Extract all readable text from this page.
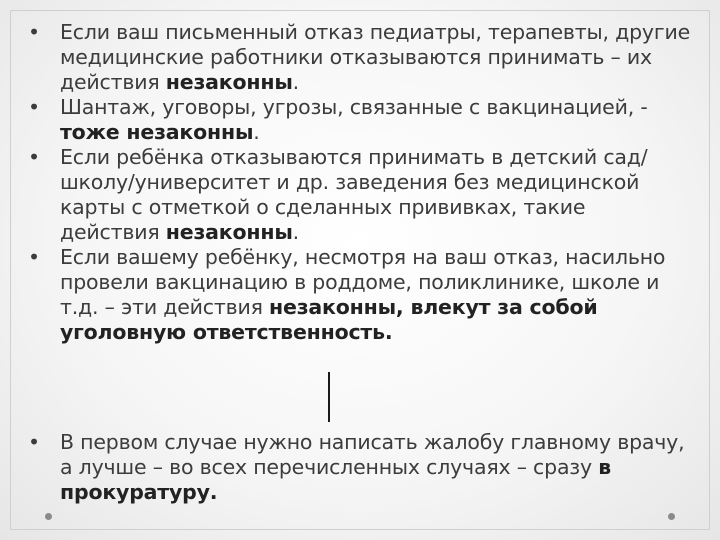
• Если ваш письменный отказ педиатры, терапевты, другие медицинские работники отказываются принимать – их действия незаконны.
• Шантаж, уговоры, угрозы, связанные с вакцинацией, - тоже незаконны.
• Если ребёнка отказываются принимать в детский сад/школу/университет и др. заведения без медицинской карты с отметкой о сделанных прививках, такие действия незаконны.
• Если вашему ребёнку, несмотря на ваш отказ, насильно провели вакцинацию в роддоме, поликлинике, школе и т.д. – эти действия незаконны, влекут за собой уголовную ответственность.
• В первом случае нужно написать жалобу главному врачу, а лучше – во всех перечисленных случаях – сразу в прокуратуру.
